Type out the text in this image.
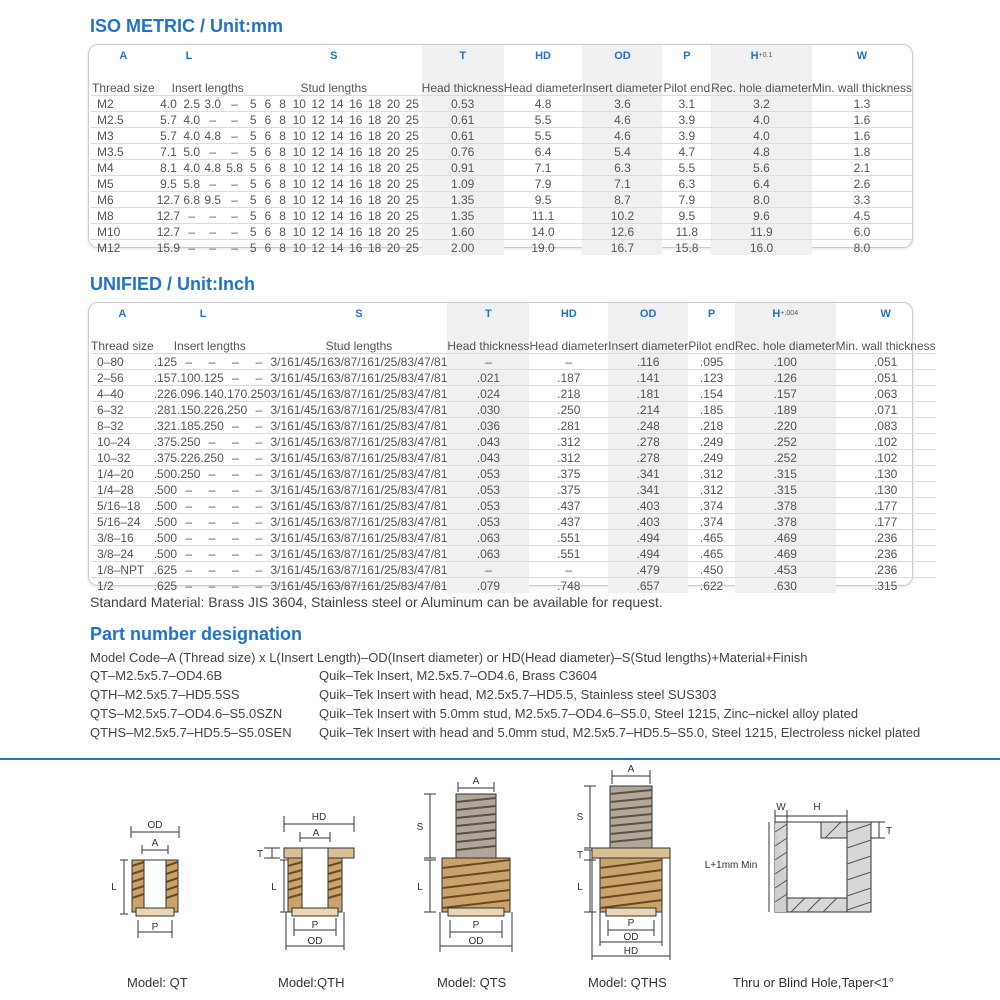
ISO METRIC / Unit:mm
A	L				S										T	HD	OD	P	$H^{+0.1}$	W
Thread size	Insert lengths				Stud lengths										Head thickness	Head diameter	Insert diameter	Pilot end	Rec. hole diameter	Min. wall thickness
M2	4.0	2.5	3.0	–	5	6	8	10	12	14	16	18	20	25	0.53	4.8	3.6	3.1	3.2	1.3
M2.5	5.7	4.0	–	–	5	6	8	10	12	14	16	18	20	25	0.61	5.5	4.6	3.9	4.0	1.6
M3	5.7	4.0	4.8	–	5	6	8	10	12	14	16	18	20	25	0.61	5.5	4.6	3.9	4.0	1.6
M3.5	7.1	5.0	–	–	5	6	8	10	12	14	16	18	20	25	0.76	6.4	5.4	4.7	4.8	1.8
M4	8.1	4.0	4.8	5.8	5	6	8	10	12	14	16	18	20	25	0.91	7.1	6.3	5.5	5.6	2.1
M5	9.5	5.8	–	–	5	6	8	10	12	14	16	18	20	25	1.09	7.9	7.1	6.3	6.4	2.6
M6	12.7	6.8	9.5	–	5	6	8	10	12	14	16	18	20	25	1.35	9.5	8.7	7.9	8.0	3.3
M8	12.7	–	–	–	5	6	8	10	12	14	16	18	20	25	1.35	11.1	10.2	9.5	9.6	4.5
M10	12.7	–	–	–	5	6	8	10	12	14	16	18	20	25	1.60	14.0	12.6	11.8	11.9	6.0
M12	15.9	–	–	–	5	6	8	10	12	14	16	18	20	25	2.00	19.0	16.7	15.8	16.0	8.0
UNIFIED / Unit:Inch
A	L					S										T	HD	OD	P	$H^{+.004}$	W
Thread size	Insert lengths					Stud lengths										Head thickness	Head diameter	Insert diameter	Pilot end	Rec. hole diameter	Min. wall thickness
0–80	.125	–	–	–	–	3/16	1/4	5/16	3/8	7/16	1/2	5/8	3/4	7/8	1	–	–	.116	.095	.100	.051
2–56	.157	.100	.125	–	–	3/16	1/4	5/16	3/8	7/16	1/2	5/8	3/4	7/8	1	.021	.187	.141	.123	.126	.051
4–40	.226	.096	.140	.170	.250	3/16	1/4	5/16	3/8	7/16	1/2	5/8	3/4	7/8	1	.024	.218	.181	.154	.157	.063
6–32	.281	.150	.226	.250	–	3/16	1/4	5/16	3/8	7/16	1/2	5/8	3/4	7/8	1	.030	.250	.214	.185	.189	.071
8–32	.321	.185	.250	–	–	3/16	1/4	5/16	3/8	7/16	1/2	5/8	3/4	7/8	1	.036	.281	.248	.218	.220	.083
10–24	.375	.250	–	–	–	3/16	1/4	5/16	3/8	7/16	1/2	5/8	3/4	7/8	1	.043	.312	.278	.249	.252	.102
10–32	.375	.226	.250	–	–	3/16	1/4	5/16	3/8	7/16	1/2	5/8	3/4	7/8	1	.043	.312	.278	.249	.252	.102
1/4–20	.500	.250	–	–	–	3/16	1/4	5/16	3/8	7/16	1/2	5/8	3/4	7/8	1	.053	.375	.341	.312	.315	.130
1/4–28	.500	–	–	–	–	3/16	1/4	5/16	3/8	7/16	1/2	5/8	3/4	7/8	1	.053	.375	.341	.312	.315	.130
5/16–18	.500	–	–	–	–	3/16	1/4	5/16	3/8	7/16	1/2	5/8	3/4	7/8	1	.053	.437	.403	.374	.378	.177
5/16–24	.500	–	–	–	–	3/16	1/4	5/16	3/8	7/16	1/2	5/8	3/4	7/8	1	.053	.437	.403	.374	.378	.177
3/8–16	.500	–	–	–	–	3/16	1/4	5/16	3/8	7/16	1/2	5/8	3/4	7/8	1	.063	.551	.494	.465	.469	.236
3/8–24	.500	–	–	–	–	3/16	1/4	5/16	3/8	7/16	1/2	5/8	3/4	7/8	1	.063	.551	.494	.465	.469	.236
1/8–NPT	.625	–	–	–	–	3/16	1/4	5/16	3/8	7/16	1/2	5/8	3/4	7/8	1	–	–	.479	.450	.453	.236
1/2	.625	–	–	–	–	3/16	1/4	5/16	3/8	7/16	1/2	5/8	3/4	7/8	1	.079	.748	.657	.622	.630	.315
Standard Material: Brass JIS 3604, Stainless steel or Aluminum can be available for request.
Part number designation
Model Code–A (Thread size) x L(Insert Length)–OD(Insert diameter) or HD(Head diameter)–S(Stud lengths)+Material+Finish
QT–M2.5x5.7–OD4.6B	Quik–Tek Insert, M2.5x5.7–OD4.6, Brass C3604
QTH–M2.5x5.7–HD5.5SS	Quik–Tek Insert with head, M2.5x5.7–HD5.5, Stainless steel SUS303
QTS–M2.5x5.7–OD4.6–S5.0SZN	Quik–Tek Insert with 5.0mm stud, M2.5x5.7–OD4.6–S5.0, Steel 1215, Zinc–nickel alloy plated
QTHS–M2.5x5.7–HD5.5–S5.0SEN Quik–Tek Insert with head and 5.0mm stud, M2.5x5.7–HD5.5–S5.0, Steel 1215, Electroless nickel plated
OD
A
L
P
HD
A
T
L
P
OD
A
S
L
P
OD
A
S
T
L
P
OD
HD
W	H
T
L+1mm Min
Model: QT	Model:QTH	Model: QTS	Model: QTHS	Thru or Blind Hole,Taper<1°
